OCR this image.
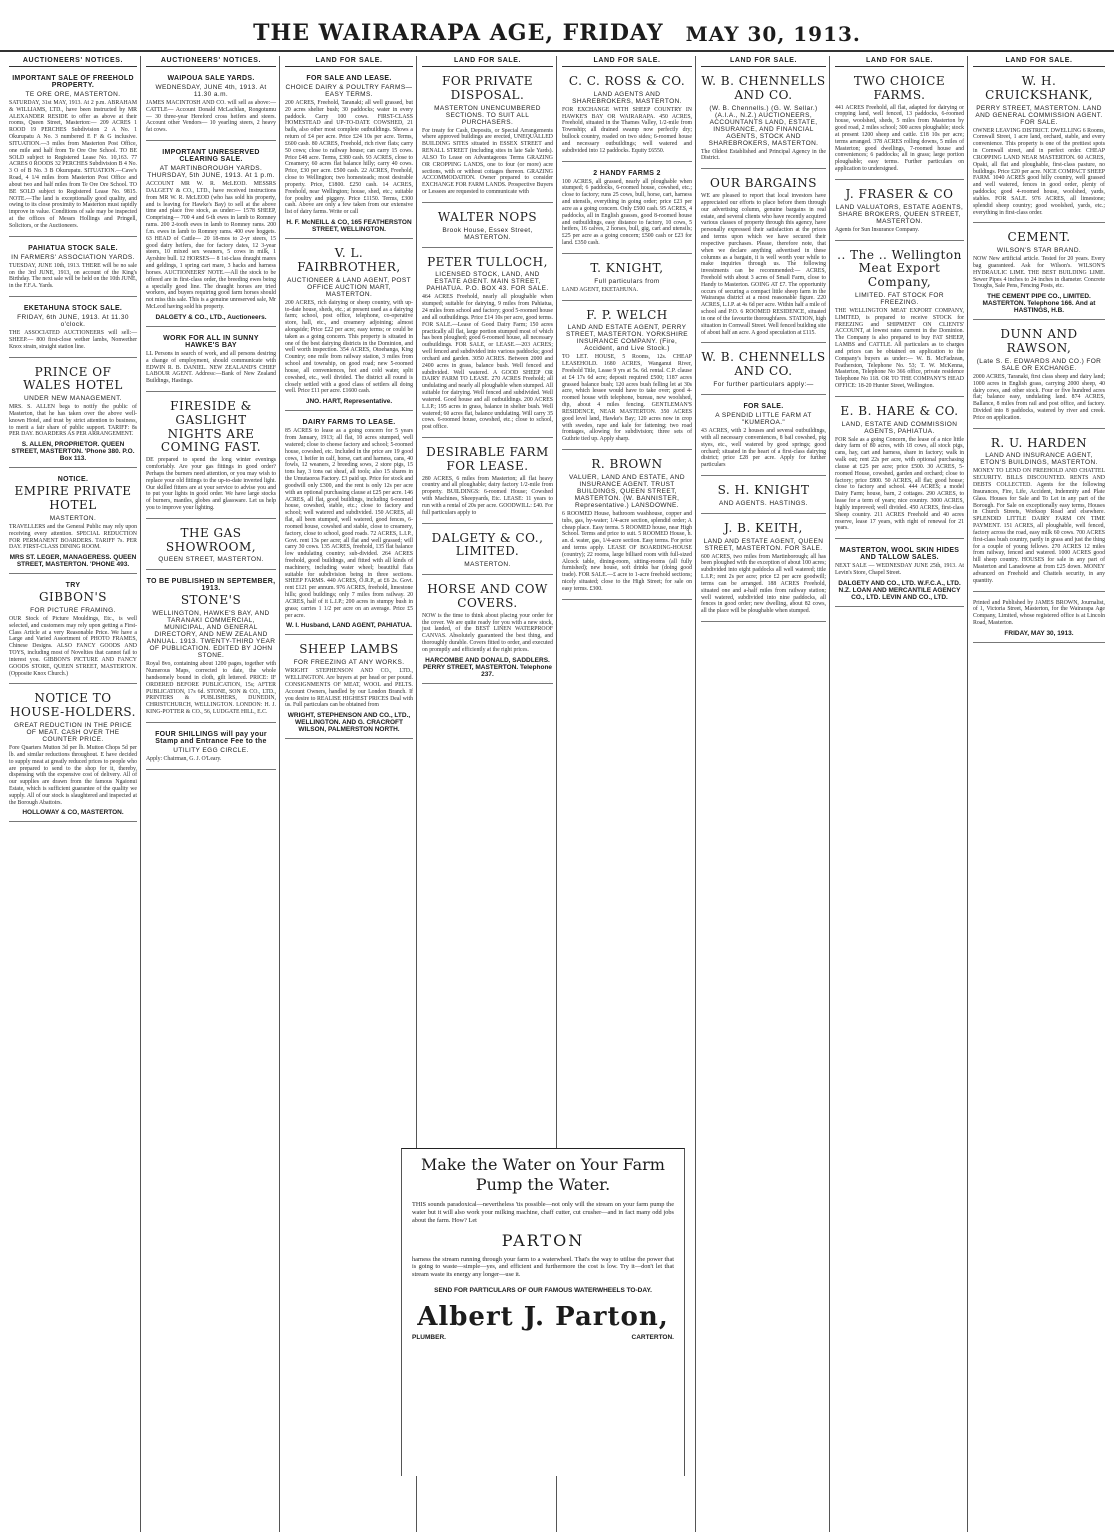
THE WAIRARAPA AGE, FRIDAY MAY 30, 1913.
AUCTIONEERS' NOTICES.
IMPORTANT SALE OF FREEHOLD PROPERTY.
TE ORE ORE, MASTERTON.
SATURDAY, 31st MAY, 1913. At 2 p.m. ABRAHAM & WILLIAMS, LTD., have been instructed by MR ALEXANDER RESIDE to offer as above at their rooms, Queen Street, Masterton:— 209 ACRES 1 ROOD 19 PERCHES Subdivision 2 A No. 1 Okurupatu A No. 3 numbered E F & G inclusive. SITUATION.—3 miles from Masterton Post Office, one mile and half from Te Ore Ore School. TO BE SOLD subject to Registered Lease No. 10,163. 77 ACRES 0 ROODS 32 PERCHES Subdivision B 4 No. 3 O of B No. 3 B Okurupatu. SITUATION.—Cave's Road, 4 1/4 miles from Masterton Post Office and about two and half miles from Te Ore Ore School. TO BE SOLD subject to Registered Lease No. 9815. NOTE.—The land is exceptionally good quality, and owing to its close proximity to Masterton must rapidly improve in value. Conditions of sale may be inspected at the offices of Messrs Hollings and Pringell, Solicitors, or the Auctioneers.
PAHIATUA STOCK SALE.
IN FARMERS' ASSOCIATION YARDS.
TUESDAY, JUNE 10th, 1913. THERE will be no sale on the 3rd JUNE, 1913, on account of the King's Birthday. The next sale will be held on the 10th JUNE, in the F.F.A. Yards.
EKETAHUNA STOCK SALE.
FRIDAY, 6th JUNE, 1913. At 11.30 o'clock.
THE ASSOCIATED AUCTIONEERS will sell:— SHEEP.— 800 first-close wether lambs, Nonwether Knox strain, straight station line.
PRINCE OF WALES HOTEL
UNDER NEW MANAGEMENT.
MRS. S. ALLEN begs to notify the public of Masterton, that he has taken over the above well-known Hotel, and trust by strict attention to business, to merit a fair share of public support. TARIFF: 8s PER DAY. BOARDERS AS PER ARRANGEMENT.
S. ALLEN, PROPRIETOR. QUEEN STREET, MASTERTON. 'Phone 380. P.O. Box 113.
NOTICE.
EMPIRE PRIVATE HOTEL
MASTERTON.
TRAVELLERS and the General Public may rely upon receiving every attention. SPECIAL REDUCTION FOR PERMANENT BOARDERS. TARIFF 7s. PER DAY. FIRST-CLASS DINING ROOM.
MRS ST. LEGER, MANAGERESS. QUEEN STREET, MASTERTON. 'PHONE 493.
TRY
GIBBON'S
FOR PICTURE FRAMING.
OUR Stock of Picture Mouldings, Etc., is well selected, and customers may rely upon getting a First-Class Article at a very Reasonable Price. We have a Large and Varied Assortment of PHOTO FRAMES, Chinese Designs. ALSO FANCY GOODS AND TOYS, including most of Novelties that cannot fail to interest you. GIBBON'S PICTURE AND FANCY GOODS STORE, QUEEN STREET, MASTERTON. (Opposite Knox Church.)
NOTICE TO HOUSE-HOLDERS.
GREAT REDUCTION IN THE PRICE OF MEAT. CASH OVER THE COUNTER PRICE.
Fore Quarters Mutton 3d per lb. Mutton Chops 5d per lb. and similar reductions throughout. E have decided to supply meat at greatly reduced prices to people who are prepared to send to the shop for it, thereby, dispensing with the expensive cost of delivery. All of our supplies are drawn from the famous Ngaionui Estate, which is sufficient guarantee of the quality we supply. All of our stock is slaughtered and inspected at the Borough Abattoirs.
HOLLOWAY & CO, MASTERTON.
AUCTIONEERS' NOTICES.
WAIPOUA SALE YARDS.
WEDNESDAY, JUNE 4th, 1913. At 11.30 a.m.
JAMES MACINTOSH AND CO. will sell as above:— CATTLE— Account Donald McLachlan, Rongotumu— 30 three-year Hereford cross heifers and steers. Account other Vendors— 10 yearling steers, 2 heavy fat cows.
IMPORTANT UNRESERVED CLEARING SALE.
AT MARTINBOROUGH YARDS. THURSDAY, 5th JUNE, 1913. At 1 p.m.
ACCOUNT MR W. R. McLEOD. MESSRS DALGETY & CO., LTD., have received instructions from MR W. R. McLEOD (who has sold his property, and is leaving for Hawke's Bay) to sell at the above time and place five stock, as under:— 1578 SHEEP, Comprising— 700 4 and 6-th ewes in lamb to Romney rams. 200 2-tooth ewes in lamb to Romney rams. 200 f.m. ewes in lamb to Romney rams. 400 ewe hoggets. 63 HEAD of Cattle— 20 18-mos to 2-yr steers, 15 good dairy heifers, due for factory dates, 12 3-year steers, 10 mixed sex weaners, 5 cows in milk, 1 Ayrshire bull. 12 HORSES— 8 1st-class draught mares and geldings, 1 spring cart mare, 3 hacks and harness horses. AUCTIONEERS' NOTE.—All the stock to be offered are in first-class order, the breeding ewes being a specially good line. The draught horses are tried workers, and buyers requiring good farm horses should not miss this sale. This is a genuine unreserved sale, Mr McLeod having sold his property.
DALGETY & CO., LTD., Auctioneers.
WORK FOR ALL IN SUNNY HAWKE'S BAY
LL Persons in search of work, and all persons desiring a change of employment, should communicate with EDWIN R. B. DANIEL. NEW ZEALAND'S CHIEF LABOUR AGENT. Address:—Bank of New Zealand Buildings, Hastings.
FIRESIDE & GASLIGHT NIGHTS ARE COMING FAST.
DE prepared to spend the long winter evenings comfortably. Are your gas fittings in good order? Perhaps the burners need attention, or you may wish to replace your old fittings to the up-to-date inverted light. Our skilled fitters are at your service to advise you and to put your lights in good order. We have large stocks of burners, mantles, globes and glassware. Let us help you to improve your lighting.
THE GAS SHOWROOM,
QUEEN STREET, MASTERTON.
TO BE PUBLISHED IN SEPTEMBER, 1913.
STONE'S
WELLINGTON, HAWKE'S BAY, AND TARANAKI COMMERCIAL, MUNICIPAL, AND GENERAL DIRECTORY, AND NEW ZEALAND ANNUAL. 1913. TWENTY-THIRD YEAR OF PUBLICATION. EDITED BY JOHN STONE.
Royal 8vo, containing about 1200 pages, together with Numerous Maps, corrected to date, the whole handsomely bound in cloth, gilt lettered. PRICE: IF ORDERED BEFORE PUBLICATION, 15s; AFTER PUBLICATION, 17s 6d. STONE, SON & CO., LTD., PRINTERS & PUBLISHERS, DUNEDIN, CHRISTCHURCH, WELLINGTON. LONDON: H. J. KING-POTTER & CO., 56, LUDGATE HILL, E.C.
FOUR SHILLINGS will pay your Stamp and Entrance Fee to the
UTILITY EGG CIRCLE.
Apply: Chairman, G. J. O'Leary.
LAND FOR SALE.
FOR SALE AND LEASE.
CHOICE DAIRY & POULTRY FARMS—EASY TERMS.
200 ACRES, Freehold, Taranaki; all well grassed, but 20 acres shelter bush; 30 paddocks; water in every paddock. Carry 100 cows. FIRST-CLASS HOMESTEAD and UP-TO-DATE COWSHED, 21 bails, also other most complete outbuildings. Shows a return of £4 per acre. Price £24 10s per acre. Terms, £600 cash. 80 ACRES, Freehold, rich river flats; carry 50 cows; close to railway house; can carry 15 cows. Price £48 acre. Terms, £380 cash. 93 ACRES, close to Creamery; 60 acres flat balance hilly; carry 40 cows. Price, £30 per acre. £500 cash. 22 ACRES, Freehold, close to Wellington; two homesteads; most desirable property. Price, £1800. £250 cash. 14 ACRES, Freehold, near Wellington; house, shed, etc.; suitable for poultry and piggery. Price £1150. Terms, £300 cash. Above are only a few taken from our extensive list of dairy farms. Write or call
H. F. McNEILL & CO, 165 FEATHERSTON STREET, WELLINGTON.
V. L. FAIRBROTHER,
AUCTIONEER & LAND AGENT, POST OFFICE AUCTION MART, MASTERTON.
200 ACRES, rich dairying or sheep country, with up-to-date house, sheds, etc.; at present used as a dairying farm; school, post office, telephone, co-operative store, hall, etc., and creamery adjoining; almost alongside; Price £22 per acre; easy terms; or could be taken as a going concern. This property is situated in one of the best dairying districts in the Dominion, and well worth inspection. 354 ACRES, Otoehanga, King Country; one mile from railway station, 3 miles from school and township, on good road; new 5-roomed house, all conveniences, hot and cold water, split cowshed, etc., well divided. The district all round is closely settled with a good class of settlers all doing well. Price £11 per acre. £1600 cash.
JNO. HART, Representative.
DAIRY FARMS TO LEASE.
85 ACRES to lease as a going concern for 5 years from January, 1913; all flat, 10 acres stumped, well watered; close to cheese factory and school; 5-roomed house, cowshed, etc. Included in the price are 19 good cows, 1 heifer in calf, horse, cart and harness, cans, 40 fowls, 12 weaners, 2 breeding sows, 2 store pigs, 15 tons hay, 3 tons oat sheaf, all tools; also 15 shares in the Umutaoroa Factory. £3 paid up. Price for stock and goodwill only £300, and the rent is only 12s per acre with an optional purchasing clause at £25 per acre. 146 ACRES, all flat, good buildings, including 6-roomed house, cowshed, stable, etc.; close to factory and school; well watered and subdivided. 150 ACRES, all flat, all been stumped, well watered, good fences, 6-roomed house, cowshed and stable, close to creamery, factory, close to school, good roads. 72 ACRES, L.I.P., Govt. rent 13s per acre; all flat and well grassed; will carry 30 cows. 135 ACRES, freehold, 135 flat balance low undulating country; sub-divided. 264 ACRES freehold, good buildings, and fitted with all kinds of machinery, including water wheel; beautiful flats suitable for subdivision being in three sections. SHEEP FARMS. 440 ACRES, O.R.P., at £6 2s. Govt. rent £121 per annum. 976 ACRES, freehold, limestone hills; good buildings; only 7 miles from railway. 20 ACRES, half of it L.I.P.; 200 acres in stumpy bush in grass; carries 1 1/2 per acre on an average. Price £5 per acre.
W. I. Husband, LAND AGENT, PAHIATUA.
SHEEP LAMBS
FOR FREEZING AT ANY WORKS.
WRIGHT STEPHENSON AND CO., LTD., WELLINGTON. Are buyers at per head or per pound. CONSIGNMENTS OF MEAT, WOOL and PELTS. Account Owners, handled by our London Branch. If you desire to REALISE HIGHEST PRICES Deal with us. Full particulars can be obtained from
WRIGHT, STEPHENSON AND CO., LTD., WELLINGTON. AND G. CRACROFT WILSON, PALMERSTON NORTH.
LAND FOR SALE.
FOR PRIVATE DISPOSAL.
MASTERTON UNENCUMBERED SECTIONS. TO SUIT ALL PURCHASERS.
For treaty for Cash, Deposits, or Special Arrangements where approved buildings are erected, UNEQUALLED BUILDING SITES situated in ESSEX STREET and RENALL STREET (including sites in late Sale Yards). ALSO To Lease on Advantageous Terms GRAZING OR CROPPING LANDS, one to four (or more) acre sections, with or without cottages thereon. GRAZING ACCOMMODATION. Owner prepared to consider EXCHANGE FOR FARM LANDS. Prospective Buyers or Lessees are requested to communicate with
WALTER NOPS
Brook House, Essex Street, MASTERTON.
PETER TULLOCH,
LICENSED STOCK, LAND, AND ESTATE AGENT. MAIN STREET, PAHIATUA. P.O. BOX 43. FOR SALE.
464 ACRES Freehold, nearly all ploughable when stumped; suitable for dairying, 9 miles from Pahiatua, 24 miles from school and factory; good 5-roomed house and all outbuildings. Price £14 10s per acre, good terms. FOR SALE.—Lease of Good Dairy Farm; 150 acres practically all flat, large portion stumped most of which has been ploughed; good 6-roomed house, all necessary outbuildings. FOR SALE, or LEASE.—203 ACRES; well fenced and subdivided into various paddocks; good orchard and garden. 3050 ACRES. Between 2000 and 2400 acres in grass, balance bush. Well fenced and subdivided. Well watered. A GOOD SHEEP OR DAIRY FARM TO LEASE. 270 ACRES Freehold; all undulating and nearly all ploughable when stumped. All suitable for dairying. Well fenced and subdivided. Well watered. Good house and all outbuildings. 200 ACRES L.I.P.; 195 acres in grass, balance in shelter bush. Well watered; 60 acres flat, balance undulating. Will carry 35 cows. 6-roomed house, cowshed, etc.; close to school, post office.
DESIRABLE FARM FOR LEASE.
280 ACRES, 6 miles from Masterton; all flat heavy country and all ploughable; dairy factory 1/2-mile from property. BUILDINGS: 6-roomed House; Cowshed with Machines, Sheepyards, Etc. LEASE: 11 years to run with a rental of 20s per acre. GOODWILL: £40. For full particulars apply to
DALGETY & CO., LIMITED.
MASTERTON.
HORSE AND COW COVERS.
NOW is the time to think about placing your order for the cover. We are quite ready for you with a new stock, just landed, of the BEST LINEN WATERPROOF CANVAS. Absolutely guaranteed the best thing, and thoroughly durable. Covers fitted to order, and executed on promptly and efficiently at the right prices.
HARCOMBE AND DONALD, SADDLERS. PERRY STREET, MASTERTON. Telephone 237.
LAND FOR SALE.
C. C. ROSS & CO.
LAND AGENTS AND SHAREBROKERS, MASTERTON.
FOR EXCHANGE WITH SHEEP COUNTRY IN HAWKE'S BAY OR WAIRARAPA. 450 ACRES, Freehold, situated in the Thames Valley, 1/2-mile from Township; all drained swamp now perfectly dry; bullock country, roaded on two sides; 6-roomed house and necessary outbuildings; well watered and subdivided into 12 paddocks. Equity £6550.
2 HANDY FARMS 2
100 ACRES, all grassed, nearly all ploughable when stumped; 6 paddocks, 6-roomed house, cowshed, etc.; close to factory; runs 25 cows, bull, horse, cart, harness and utensils, everything in going order; price £23 per acre as a going concern. Only £500 cash. 95 ACRES, 4 paddocks, all in English grasses, good 8-roomed house and outbuildings, easy distance to factory, 10 cows, 5 heifers, 16 calves, 2 horses, bull, gig, cart and utensils; £25 per acre as a going concern; £500 cash or £23 for land. £350 cash.
T. KNIGHT,
Full particulars from
LAND AGENT, EKETAHUNA.
F. P. WELCH
LAND AND ESTATE AGENT, PERRY STREET, MASTERTON. YORKSHIRE INSURANCE COMPANY. (Fire, Accident, and Live Stock.)
TO LET. HOUSE, 5 Rooms, 12s. CHEAP LEASEHOLD. 1680 ACRES, Wanganui River, Freehold Title, Lease 9 yrs at 5s. 6d. rental. C.P. clause at £4 17s 6d acre; deposit required £500; 1187 acres grassed balance bush; 120 acres bush felling let at 30s acre, which lessee would have to take over; good 4-roomed house with telephone, bureau, new woolshed, dip, about 4 miles fencing. GENTLEMAN'S RESIDENCE, NEAR MASTERTON. 350 ACRES good level land, Hawke's Bay; 120 acres now in crop with swedes, rape and kale for fattening; two road frontages, allowing for subdivision; three sets of Guthrie tied up. Apply sharp.
R. BROWN
VALUER, LAND AND ESTATE, AND INSURANCE AGENT. TRUST BUILDINGS, QUEEN STREET, MASTERTON. (W. BANNISTER, Representative.) LANSDOWNE.
6 ROOMED House, bathroom washhouse, copper and tubs, gas, hy-water; 1/4-acre section, splendid order; A cheap place. Easy terms. 5 ROOMED house, near High School. Terms and price to suit. 5 ROOMED House, h. an. d. water, gas, 1/4-acre section. Easy terms. For price and terms apply. LEASE OF BOARDING-HOUSE (country); 22 rooms, large billiard room with full-sized Alcock table, dining-room, sitting-rooms (all fully furnished); new house, soft drinks bar (doing good trade). FOR SALE.—£ acre to 1-acre freehold sections; nicely situated; close to the High Street; for sale on easy terms. £300.
LAND FOR SALE.
W. B. CHENNELLS AND CO.
(W. B. Chennells.) (G. W. Sellar.) (A.I.A., N.Z.) AUCTIONEERS, ACCOUNTANTS LAND, ESTATE, INSURANCE, AND FINANCIAL AGENTS, STOCK AND SHAREBROKERS, MASTERTON.
The Oldest Established and Principal Agency in the District.
OUR BARGAINS
WE are pleased to report that local investors have appreciated our efforts to place before them through our advertising column, genuine bargains in real estate, and several clients who have recently acquired various classes of property through this agency, have personally expressed their satisfaction at the prices and terms upon which we have secured their respective purchases. Please, therefore note, that when we declare anything advertised in these columns as a bargain, it is well worth your while to make inquiries through us. The following investments can be recommended:— ACRES, Freehold with about 3 acres of Small Farm, close to Handy to Masterton. GOING AT £7. The opportunity occurs of securing a compact little sheep farm in the Wairarapa district at a most reasonable figure. 220 ACRES, L.I.P. at 4s 6d per acre. Within half a mile of school and P.O. 6 ROOMED RESIDENCE, situated in one of the favourite thoroughfares. STATION, high situation in Cornwall Street. Well fenced building site of about half an acre. A good speculation at £115.
W. B. CHENNELLS AND CO.
For further particulars apply:—
FOR SALE.
A SPENDID LITTLE FARM AT "KUMEROA."
43 ACRES, with 2 houses and several outbuildings, with all necessary conveniences, 8 bail cowshed, pig styes, etc., well watered by good springs; good orchard; situated in the heart of a first-class dairying district; price £28 per acre. Apply for further particulars
S. H. KNIGHT
AND AGENTS. HASTINGS.
J. B. KEITH,
LAND AND ESTATE AGENT, QUEEN STREET, MASTERTON. FOR SALE.
600 ACRES, two miles from Martinborough; all has been ploughed with the exception of about 100 acres; subdivided into eight paddocks all well watered; title L.I.P.; rent 2s per acre; price £2 per acre goodwill; terms can be arranged. 188 ACRES Freehold, situated one and a-half miles from railway station; well watered, subdivided into nine paddocks, all fences in good order; new dwelling, about 82 cows, all the place will be ploughable when stumped.
LAND FOR SALE.
TWO CHOICE FARMS.
441 ACRES Freehold, all flat, adapted for dairying or cropping land, well fenced, 13 paddocks, 6-roomed house, woolshed, sheds, 5 miles from Masterton by good road, 2 miles school; 300 acres ploughable; stock at present 1200 sheep and cattle. £18 10s per acre; terms arranged. 378 ACRES rolling downs, 5 miles of Masterton; good dwellings, 7-roomed house and conveniences; 6 paddocks; all in grass; large portion ploughable; easy terms. Further particulars on application to undersigned.
J. FRASER & CO
LAND VALUATORS, ESTATE AGENTS, SHARE BROKERS, QUEEN STREET, MASTERTON.
Agents for Sun Insurance Company.
.. The .. Wellington Meat Export Company,
LIMITED. FAT STOCK FOR FREEZING.
THE WELLINGTON MEAT EXPORT COMPANY, LIMITED, is prepared to receive STOCK for FREEZING and SHIPMENT ON CLIENTS' ACCOUNT, at lowest rates current in the Dominion. The Company is also prepared to buy FAT SHEEP, LAMBS and CATTLE. All particulars as to charges and prices can be obtained on application to the Company's buyers as under:— W. B. McFadzean, Featherston, Telephone No. 53; T. W. McKenna, Masterton, Telephone No 366 office, private residence Telephone No 118. OR TO THE COMPANY'S HEAD OFFICE: 18-20 Hunter Street, Wellington.
E. B. HARE & CO.
LAND, ESTATE AND COMMISSION AGENTS, PAHIATUA.
FOR Sale as a going Concern, the lease of a nice little dairy farm of 80 acres, with 18 cows, all stock pigs, cans, hay, cart and harness, share in factory; walk in walk out; rent 22s per acre, with optional purchasing clause at £25 per acre; price £500. 30 ACRES, 5-roomed House, cowshed, garden and orchard; close to factory; price £800. 50 ACRES, all flat; good house; close to factory and school. 444 ACRES; a model Dairy Farm; house, barn, 2 cottages. 290 ACRES, to lease for a term of years; nice country. 3000 ACRES, highly improved; well divided. 450 ACRES, first-class Sheep country. 211 ACRES Freehold and 40 acres reserve, lease 17 years, with right of renewal for 21 years.
MASTERTON, WOOL SKIN HIDES AND TALLOW SALES.
NEXT SALE — WEDNESDAY JUNE 25th, 1913. At Levin's Store, Chapel Street.
DALGETY AND CO., LTD. W.F.C.A., LTD. N.Z. LOAN AND MERCANTILE AGENCY CO., LTD. LEVIN AND CO., LTD.
LAND FOR SALE.
W. H. CRUICKSHANK,
PERRY STREET, MASTERTON. LAND AND GENERAL COMMISSION AGENT. FOR SALE.
OWNER LEAVING DISTRICT. DWELLING 6 Rooms, Cornwall Street, 1 acre land, orchard, stable, and every convenience. This property is one of the prettiest spots in Cornwall street, and in perfect order. CHEAP CROPPING LAND NEAR MASTERTON. 60 ACRES, Opaki, all flat and ploughable, first-class pasture, no buildings. Price £20 per acre. NICE COMPACT SHEEP FARM. 1040 ACRES good hilly country, well grassed and well watered, fences in good order, plenty of paddocks; good 4-roomed house, woolshed, yards, stables. FOR SALE. 976 ACRES, all limestone; splendid sheep country; good woolshed, yards, etc.; everything in first-class order.
CEMENT.
WILSON'S STAR BRAND.
NOW New artificial article. Tested for 20 years. Every bag guaranteed. Ask for Wilson's. WILSON'S HYDRAULIC LIME. THE BEST BUILDING LIME. Sewer Pipes 4 inches to 24 inches in diameter. Concrete Troughs, Sale Pens, Fencing Posts, etc.
THE CEMENT PIPE CO., LIMITED. MASTERTON. Telephone 166. And at HASTINGS, H.B.
DUNN AND RAWSON,
(Late S. E. EDWARDS AND CO.) FOR SALE OR EXCHANGE.
2000 ACRES, Taranaki, first class sheep and dairy land; 1000 acres in English grass, carrying 2000 sheep, 40 dairy cows, and other stock. Four or five hundred acres flat; balance easy, undulating land. 874 ACRES, Ballance, 8 miles from rail and post office, and factory. Divided into 8 paddocks, watered by river and creek. Price on application.
R. U. HARDEN
LAND AND INSURANCE AGENT, ETON'S BUILDINGS, MASTERTON.
MONEY TO LEND ON FREEHOLD AND CHATTEL SECURITY. BILLS DISCOUNTED. RENTS AND DEBTS COLLECTED. Agents for the following Insurances, Fire, Life, Accident, Indemnity and Plate Glass. Houses for Sale and To Let in any part of the Borough. For Sale on exceptionally easy terms, Houses in Church Streets, Worksop Road and elsewhere. SPLENDID LITTLE DAIRY FARM ON TIME PAYMENT. 151 ACRES, all ploughable, well fenced, factory across the road, easy milk 60 cows. 700 ACRES first-class bush country, partly in grass and just the thing for a couple of young fellows. 270 ACRES 12 miles from railway, fenced and watered. 1000 ACRES good hill sheep country. HOUSES for sale in any part of Masterton and Lansdowne at from £25 down. MONEY advanced on Freehold and Chattels security, in any quantity.
Printed and Published by JAMES BROWN, Journalist, of 1, Victoria Street, Masterton, for the Wairarapa Age Company, Limited, whose registered office is at Lincoln Road, Masterton.
FRIDAY, MAY 30, 1913.
Make the Water on Your Farm Pump the Water.
THIS sounds paradoxical—nevertheless 'tis possible—not only will the stream on your farm pump the water but it will also work your milking machine, chaff cutter, cut crusher—and in fact many odd jobs about the farm. How? Let
PARTON
harness the stream running through your farm to a waterwheel. That's the way to utilise the power that is going to waste—simple—yes, and efficient and furthermore the cost is low. Try it—don't let that stream waste its energy any longer—use it.
SEND FOR PARTICULARS OF OUR FAMOUS WATERWHEELS TO-DAY.
Albert J. Parton,
PLUMBER.	CARTERTON.
